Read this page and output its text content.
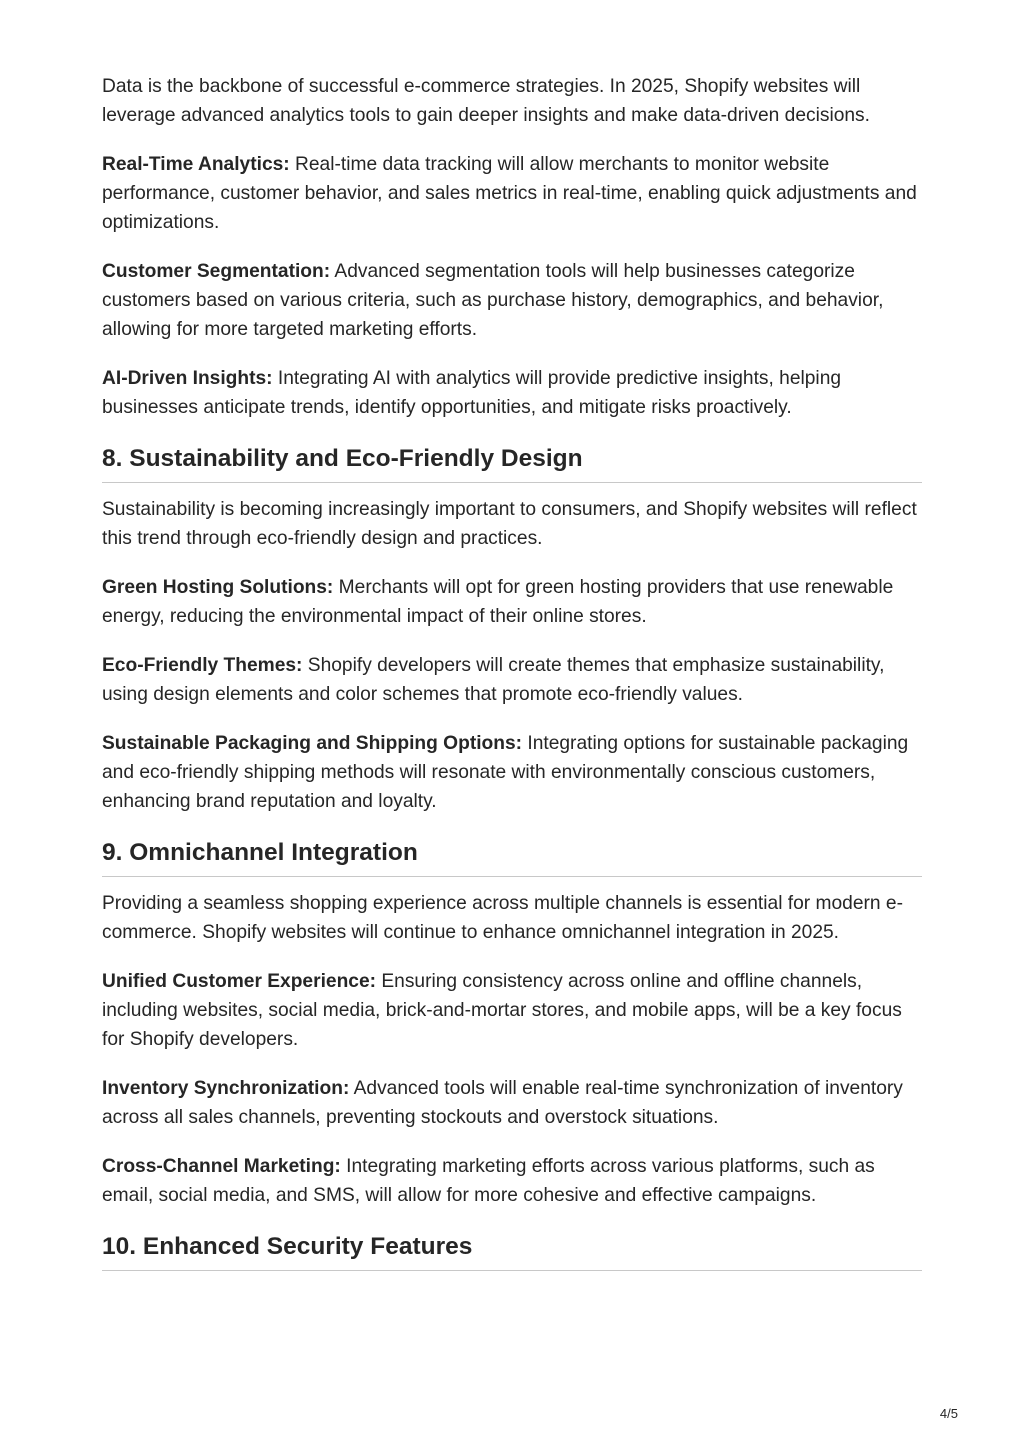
Data is the backbone of successful e-commerce strategies. In 2025, Shopify websites will leverage advanced analytics tools to gain deeper insights and make data-driven decisions.

Real-Time Analytics: Real-time data tracking will allow merchants to monitor website performance, customer behavior, and sales metrics in real-time, enabling quick adjustments and optimizations.

Customer Segmentation: Advanced segmentation tools will help businesses categorize customers based on various criteria, such as purchase history, demographics, and behavior, allowing for more targeted marketing efforts.

AI-Driven Insights: Integrating AI with analytics will provide predictive insights, helping businesses anticipate trends, identify opportunities, and mitigate risks proactively.

8. Sustainability and Eco-Friendly Design

Sustainability is becoming increasingly important to consumers, and Shopify websites will reflect this trend through eco-friendly design and practices.

Green Hosting Solutions: Merchants will opt for green hosting providers that use renewable energy, reducing the environmental impact of their online stores.

Eco-Friendly Themes: Shopify developers will create themes that emphasize sustainability, using design elements and color schemes that promote eco-friendly values.

Sustainable Packaging and Shipping Options: Integrating options for sustainable packaging and eco-friendly shipping methods will resonate with environmentally conscious customers, enhancing brand reputation and loyalty.

9. Omnichannel Integration

Providing a seamless shopping experience across multiple channels is essential for modern e-commerce. Shopify websites will continue to enhance omnichannel integration in 2025.

Unified Customer Experience: Ensuring consistency across online and offline channels, including websites, social media, brick-and-mortar stores, and mobile apps, will be a key focus for Shopify developers.

Inventory Synchronization: Advanced tools will enable real-time synchronization of inventory across all sales channels, preventing stockouts and overstock situations.

Cross-Channel Marketing: Integrating marketing efforts across various platforms, such as email, social media, and SMS, will allow for more cohesive and effective campaigns.

10. Enhanced Security Features
4/5
